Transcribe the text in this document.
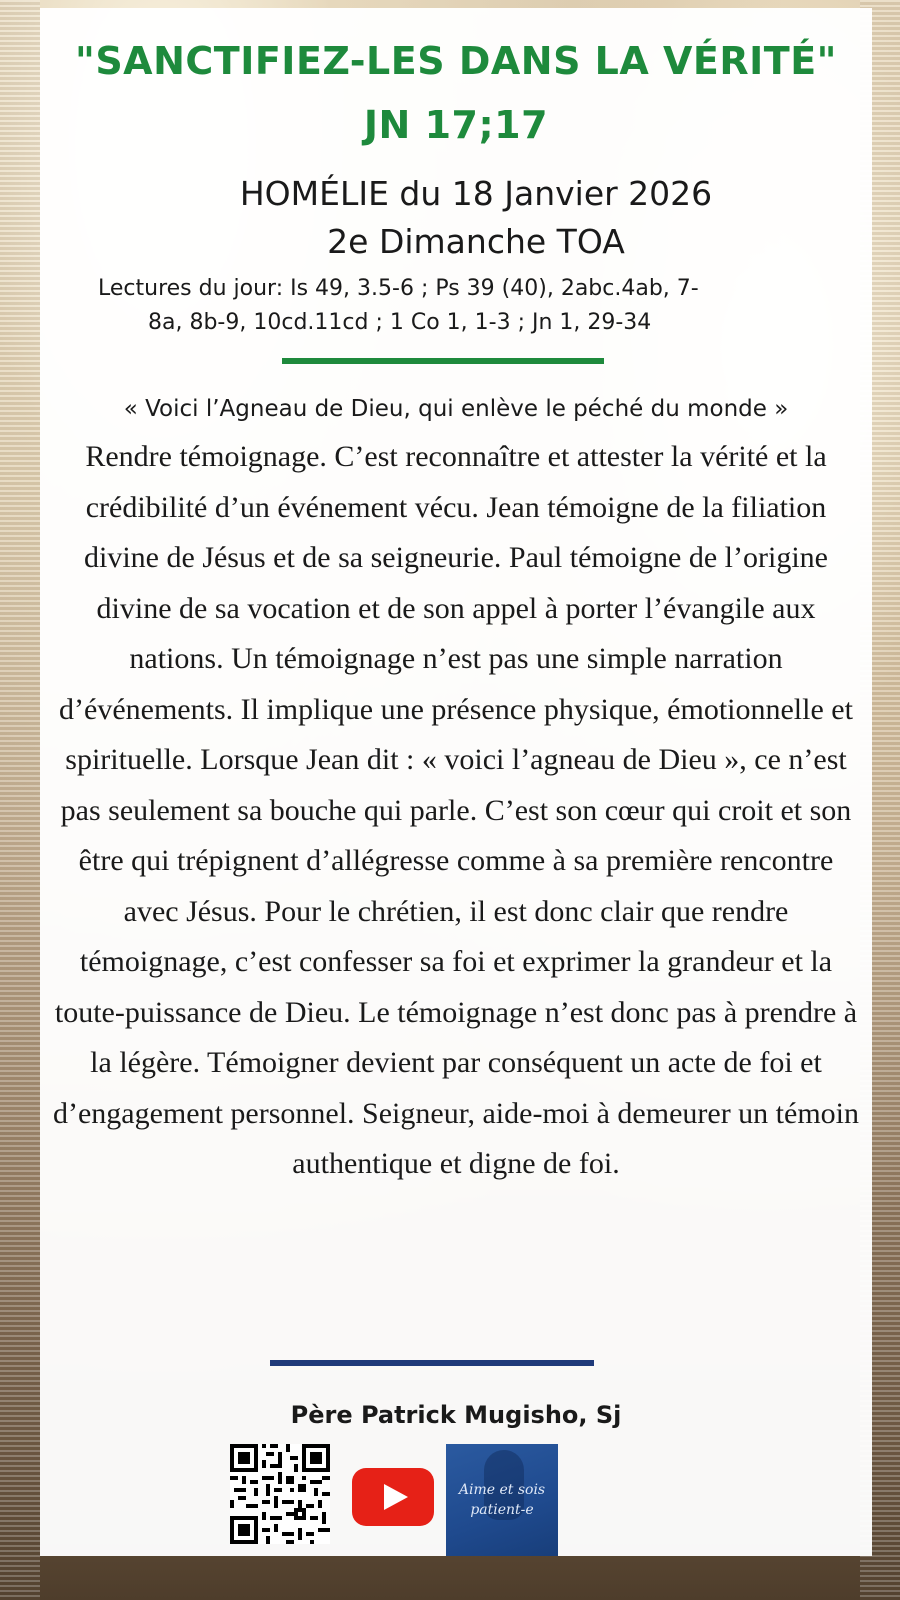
"SANCTIFIEZ-LES DANS LA VÉRITÉ"
JN 17;17
HOMÉLIE du 18 Janvier 2026
2e Dimanche TOA
Lectures du jour: Is 49, 3.5-6 ; Ps 39 (40), 2abc.4ab, 7-
8a, 8b-9, 10cd.11cd ; 1 Co 1, 1-3 ; Jn 1, 29-34
« Voici l’Agneau de Dieu, qui enlève le péché du monde »
Rendre témoignage. C’est reconnaître et attester la vérité et la crédibilité d’un événement vécu. Jean témoigne de la filiation divine de Jésus et de sa seigneurie. Paul témoigne de l’origine divine de sa vocation et de son appel à porter l’évangile aux nations. Un témoignage n’est pas une simple narration d’événements. Il implique une présence physique, émotionnelle et spirituelle. Lorsque Jean dit : « voici l’agneau de Dieu », ce n’est pas seulement sa bouche qui parle. C’est son cœur qui croit et son être qui trépignent d’allégresse comme à sa première rencontre avec Jésus. Pour le chrétien, il est donc clair que rendre témoignage, c’est confesser sa foi et exprimer la grandeur et la toute-puissance de Dieu. Le témoignage n’est donc pas à prendre à la légère. Témoigner devient par conséquent un acte de foi et d’engagement personnel. Seigneur, aide-moi à demeurer un témoin authentique et digne de foi.
Père Patrick Mugisho, Sj
Aime et sois
patient-e
